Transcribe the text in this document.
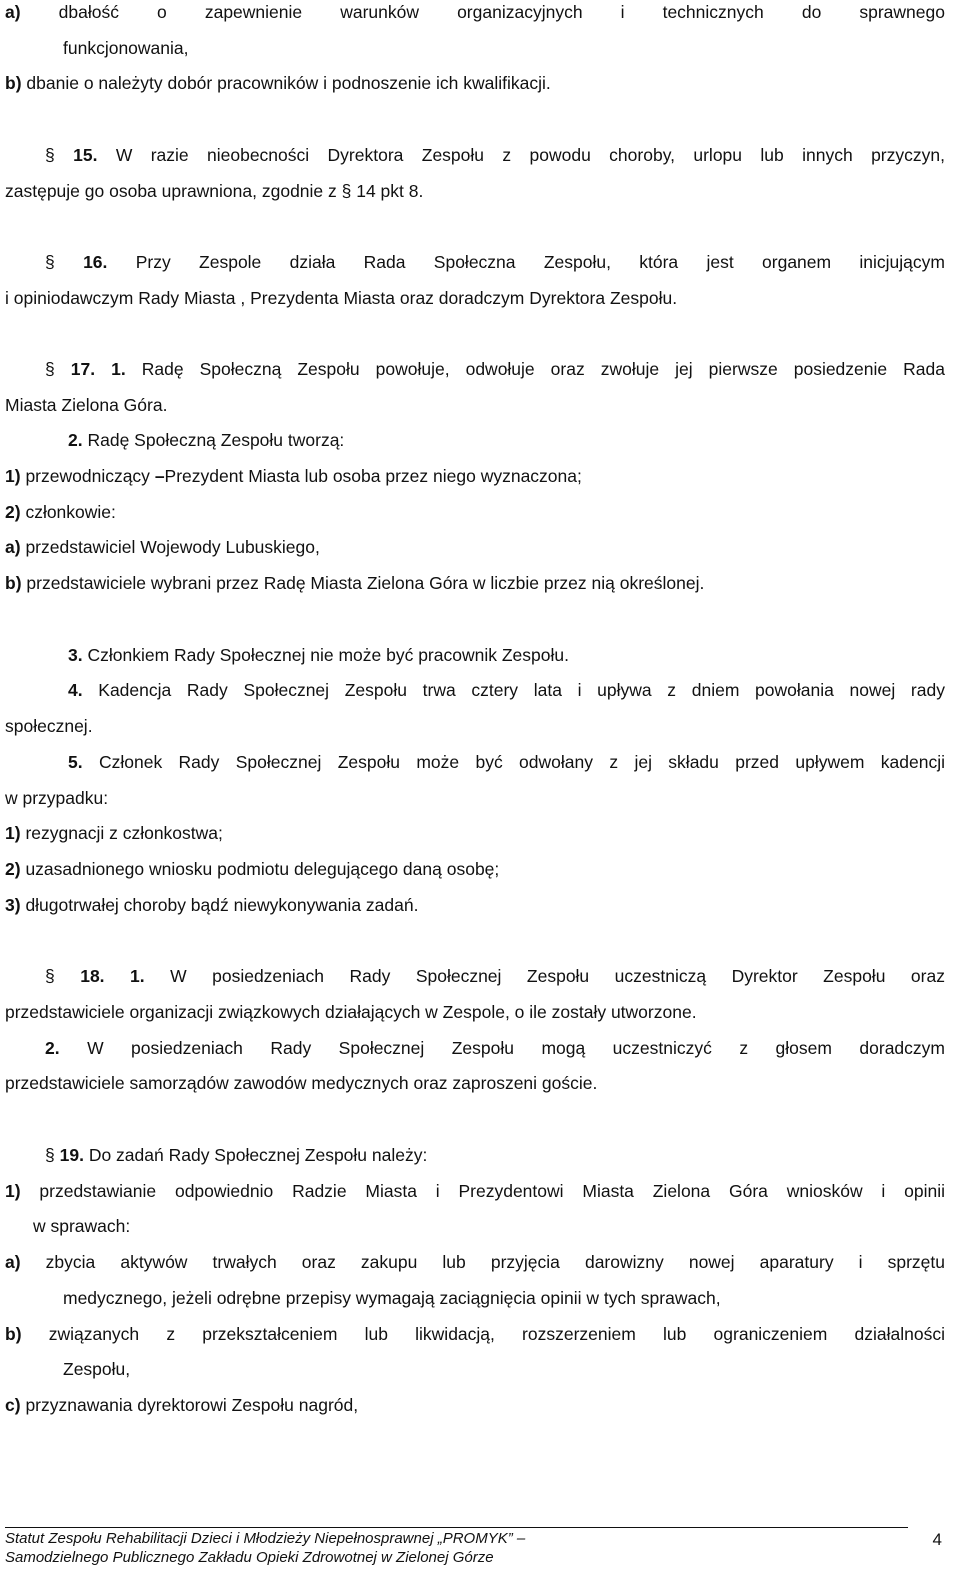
a) dbałość o zapewnienie warunków organizacyjnych i technicznych do sprawnego
funkcjonowania,
b) dbanie o należyty dobór pracowników i podnoszenie ich kwalifikacji.
§ 15. W razie nieobecności Dyrektora Zespołu z powodu choroby, urlopu lub innych przyczyn,
zastępuje go osoba uprawniona, zgodnie z § 14 pkt 8.
§ 16. Przy Zespole działa Rada Społeczna Zespołu, która jest organem inicjującym
i opiniodawczym Rady Miasta , Prezydenta Miasta oraz doradczym Dyrektora Zespołu.
§ 17. 1. Radę Społeczną Zespołu powołuje, odwołuje oraz zwołuje jej pierwsze posiedzenie Rada
Miasta Zielona Góra.
2. Radę Społeczną Zespołu tworzą:
1) przewodniczący –Prezydent Miasta lub osoba przez niego wyznaczona;
2) członkowie:
a) przedstawiciel Wojewody Lubuskiego,
b) przedstawiciele wybrani przez Radę Miasta Zielona Góra w liczbie przez nią określonej.
3. Członkiem Rady Społecznej nie może być pracownik Zespołu.
4. Kadencja Rady Społecznej Zespołu trwa cztery lata i upływa z dniem powołania nowej rady
społecznej.
5. Członek Rady Społecznej Zespołu może być odwołany z jej składu przed upływem kadencji
w przypadku:
1) rezygnacji z członkostwa;
2) uzasadnionego wniosku podmiotu delegującego daną osobę;
3) długotrwałej choroby bądź niewykonywania zadań.
§ 18. 1. W posiedzeniach Rady Społecznej Zespołu uczestniczą Dyrektor Zespołu oraz
przedstawiciele organizacji związkowych działających w Zespole, o ile zostały utworzone.
2. W posiedzeniach Rady Społecznej Zespołu mogą uczestniczyć z głosem doradczym
przedstawiciele samorządów zawodów medycznych oraz zaproszeni goście.
§ 19. Do zadań Rady Społecznej Zespołu należy:
1) przedstawianie odpowiednio Radzie Miasta i Prezydentowi Miasta Zielona Góra wniosków i opinii
w sprawach:
a) zbycia aktywów trwałych oraz zakupu lub przyjęcia darowizny nowej aparatury i sprzętu
medycznego, jeżeli odrębne przepisy wymagają zaciągnięcia opinii w tych sprawach,
b) związanych z przekształceniem lub likwidacją, rozszerzeniem lub ograniczeniem działalności
Zespołu,
c) przyznawania dyrektorowi Zespołu nagród,
Statut Zespołu Rehabilitacji Dzieci i Młodzieży Niepełnosprawnej „PROMYK” –
Samodzielnego Publicznego Zakładu Opieki Zdrowotnej w Zielonej Górze
4
